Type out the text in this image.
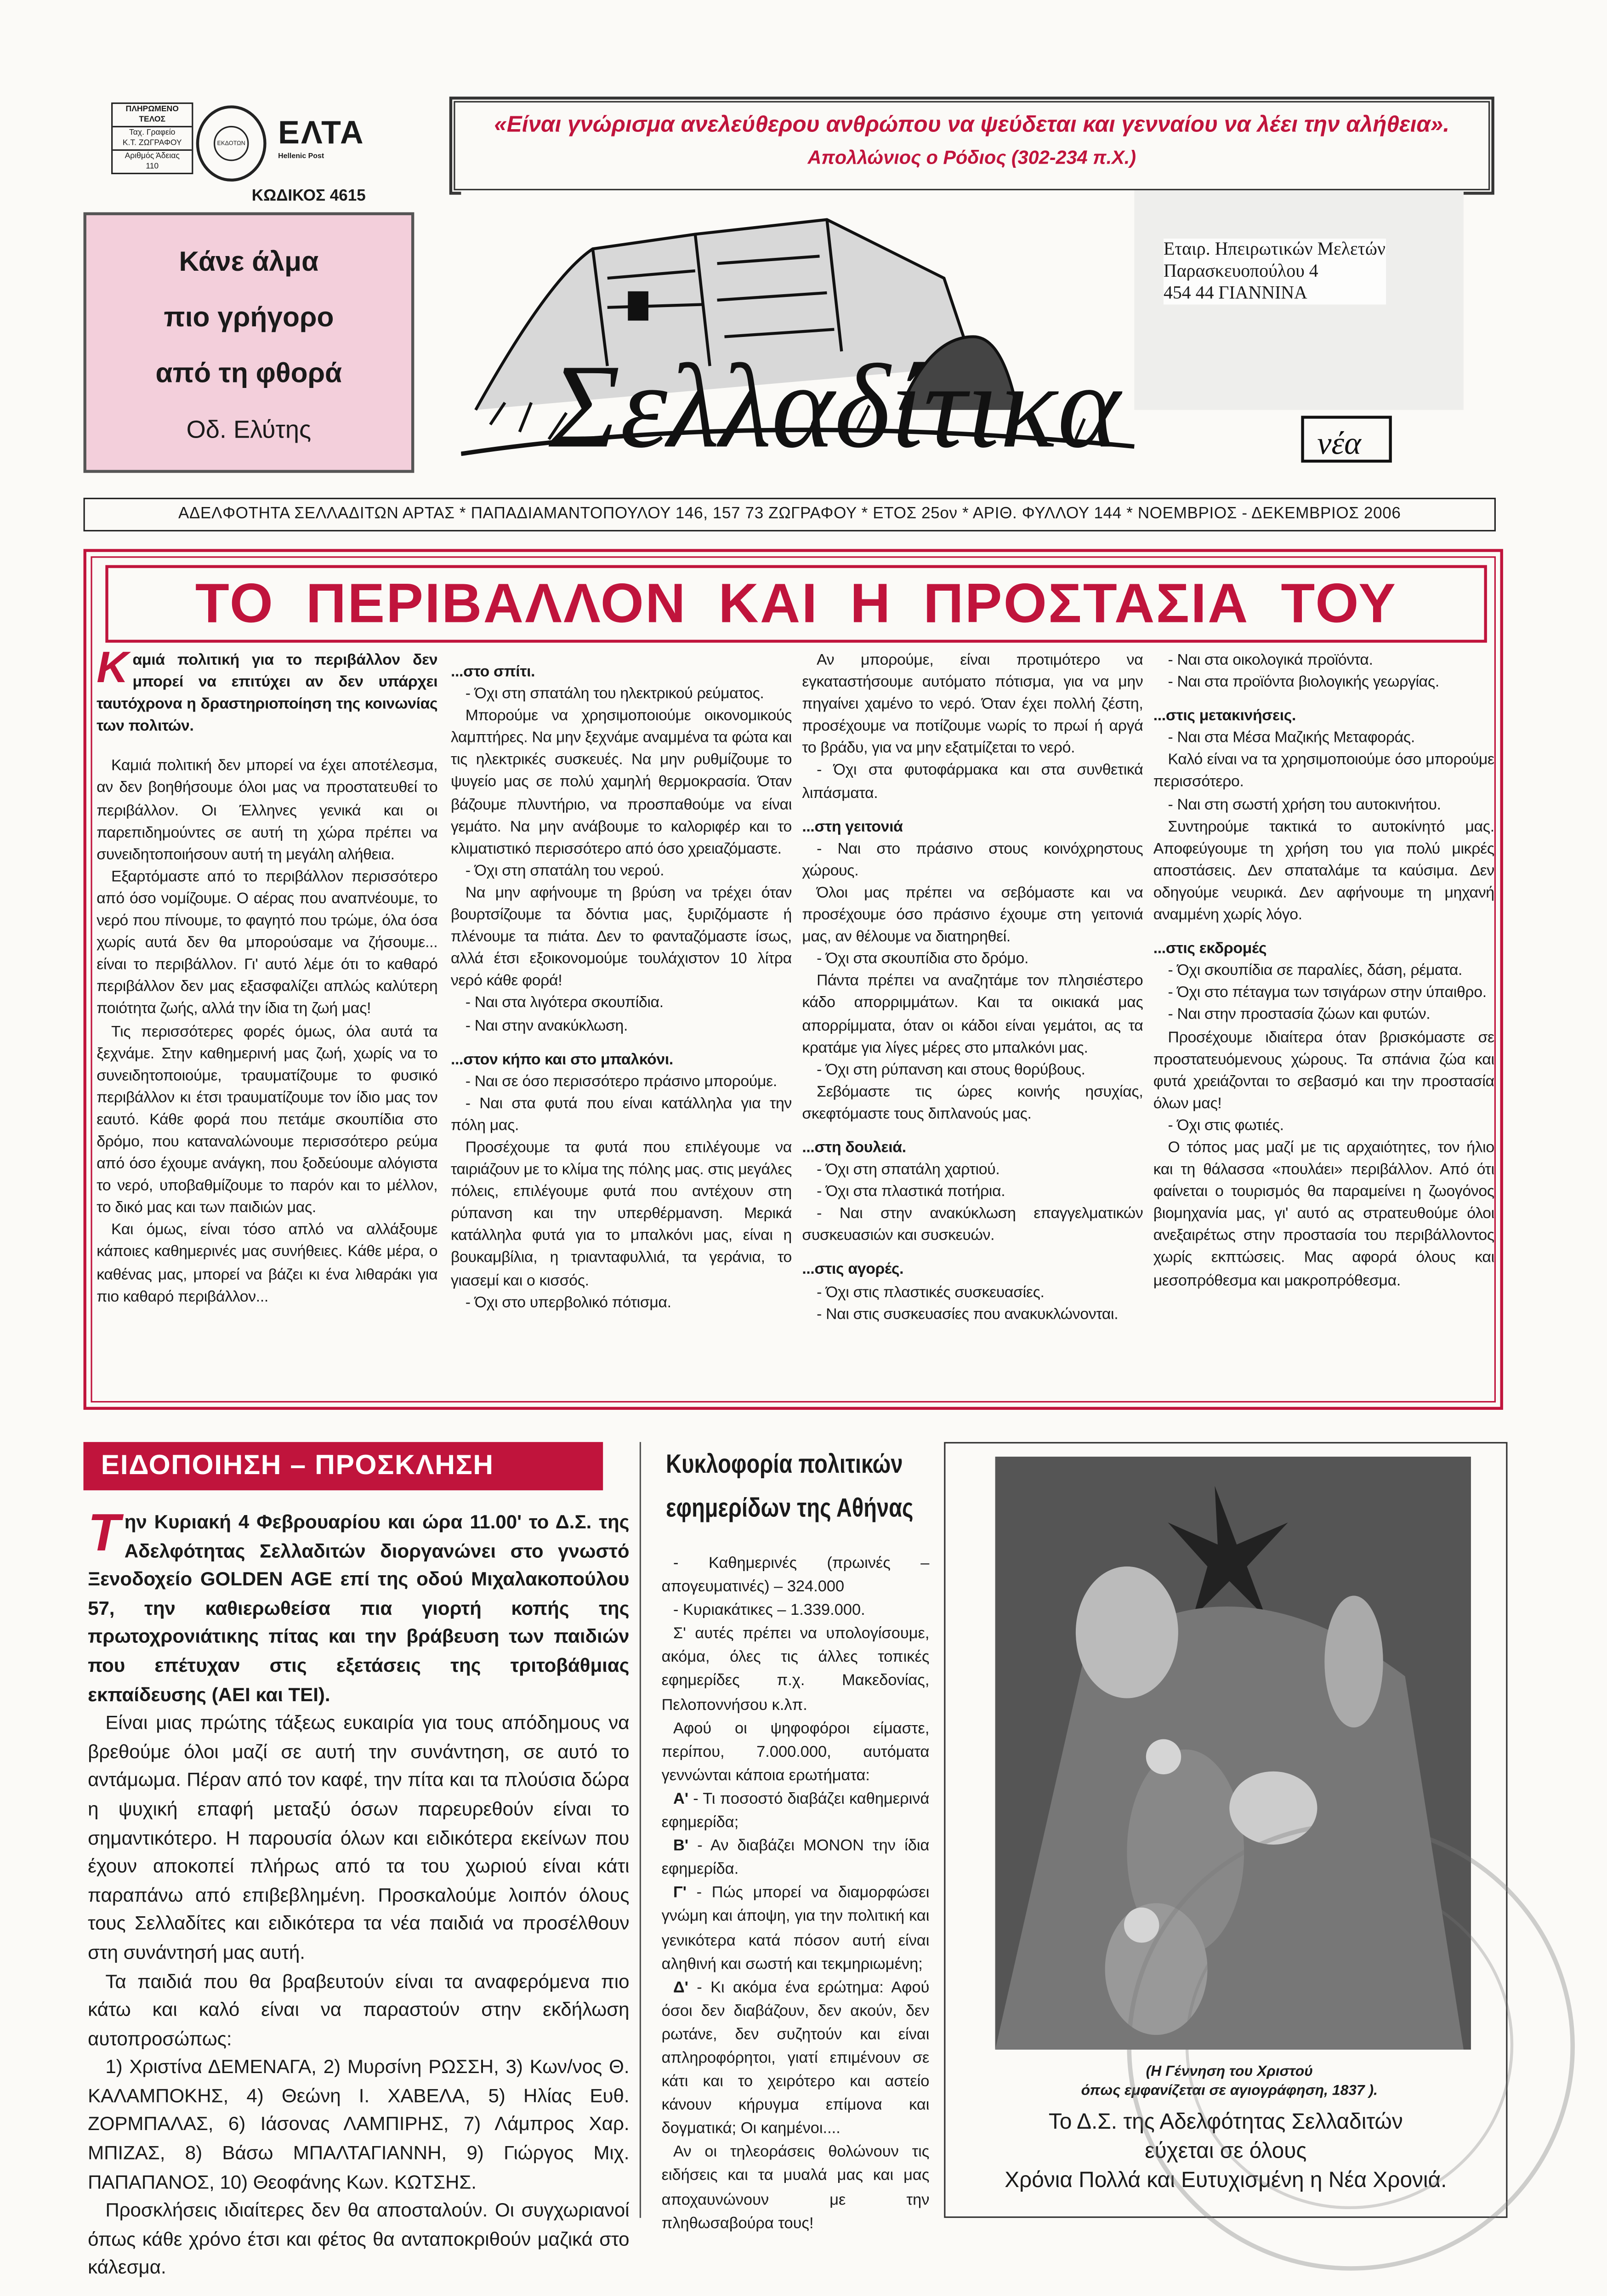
ΠΛΗΡΩΜΕΝΟ
ΤΕΛΟΣ
Ταχ. Γραφείο
Κ.Τ. ΖΩΓΡΑΦΟΥ
Αριθμός Άδειας
110
ΕΚΔΟΤΩΝ	ΕΛΤΑ
Hellenic Post
ΚΩΔΙΚΟΣ 4615
«Είναι γνώρισμα ανελεύθερου ανθρώπου να ψεύδεται και γενναίου να λέει την αλήθεια». Απολλώνιος ο Ρόδιος (302-234 π.Χ.)
Κάνε άλμα
πιο γρήγορο
από τη φθορά
Οδ. Ελύτης	Σελλαδίτικα	νέα
Εταιρ. Ηπειρωτικών Μελετών
Παρασκευοπούλου 4
454 44 ΓΙΑΝΝΙΝΑ
ΑΔΕΛΦΟΤΗΤΑ ΣΕΛΛΑΔΙΤΩΝ ΑΡΤΑΣ * ΠΑΠΑΔΙΑΜΑΝΤΟΠΟΥΛΟΥ 146, 157 73 ΖΩΓΡΑΦΟΥ * ΕΤΟΣ 25ον * ΑΡΙΘ. ΦΥΛΛΟΥ 144 * ΝΟΕΜΒΡΙΟΣ - ΔΕΚΕΜΒΡΙΟΣ 2006
ΤΟ ΠΕΡΙΒΑΛΛΟΝ ΚΑΙ Η ΠΡΟΣΤΑΣΙΑ ΤΟΥ

Καμιά πολιτική για το περιβάλλον δεν μπορεί να επιτύχει αν δεν υπάρχει ταυτόχρονα η δραστηριοποίηση της κοινωνίας των πολιτών.

Καμιά πολιτική δεν μπορεί να έχει αποτέλεσμα, αν δεν βοηθήσουμε όλοι μας να προστατευθεί το περιβάλλον. Οι Έλληνες γενικά και οι παρεπιδημούντες σε αυτή τη χώρα πρέπει να συνειδητοποιήσουν αυτή τη μεγάλη αλήθεια.

Εξαρτόμαστε από το περιβάλλον περισσότερο από όσο νομίζουμε. Ο αέρας που αναπνέουμε, το νερό που πίνουμε, το φαγητό που τρώμε, όλα όσα χωρίς αυτά δεν θα μπορούσαμε να ζήσουμε... είναι το περιβάλλον. Γι' αυτό λέμε ότι το καθαρό περιβάλλον δεν μας εξασφαλίζει απλώς καλύτερη ποιότητα ζωής, αλλά την ίδια τη ζωή μας!

Τις περισσότερες φορές όμως, όλα αυτά τα ξεχνάμε. Στην καθημερινή μας ζωή, χωρίς να το συνειδητοποιούμε, τραυματίζουμε το φυσικό περιβάλλον κι έτσι τραυματίζουμε τον ίδιο μας τον εαυτό. Κάθε φορά που πετάμε σκουπίδια στο δρόμο, που καταναλώνουμε περισσότερο ρεύμα από όσο έχουμε ανάγκη, που ξοδεύουμε αλόγιστα το νερό, υποβαθμίζουμε το παρόν και το μέλλον, το δικό μας και των παιδιών μας.

Και όμως, είναι τόσο απλό να αλλάξουμε κάποιες καθημερινές μας συνήθειες. Κάθε μέρα, ο καθένας μας, μπορεί να βάζει κι ένα λιθαράκι για πιο καθαρό περιβάλλον...

...στο σπίτι.

- Όχι στη σπατάλη του ηλεκτρικού ρεύματος.

Μπορούμε να χρησιμοποιούμε οικονομικούς λαμπτήρες. Να μην ξεχνάμε αναμμένα τα φώτα και τις ηλεκτρικές συσκευές. Να μην ρυθμίζουμε το ψυγείο μας σε πολύ χαμηλή θερμοκρασία. Όταν βάζουμε πλυντήριο, να προσπαθούμε να είναι γεμάτο. Να μην ανάβουμε το καλοριφέρ και το κλιματιστικό περισσότερο από όσο χρειαζόμαστε.

- Όχι στη σπατάλη του νερού.

Να μην αφήνουμε τη βρύση να τρέχει όταν βουρτσίζουμε τα δόντια μας, ξυριζόμαστε ή πλένουμε τα πιάτα. Δεν το φανταζόμαστε ίσως, αλλά έτσι εξοικονομούμε τουλάχιστον 10 λίτρα νερό κάθε φορά!

- Ναι στα λιγότερα σκουπίδια.

- Ναι στην ανακύκλωση.

...στον κήπο και στο μπαλκόνι.

- Ναι σε όσο περισσότερο πράσινο μπορούμε.

- Ναι στα φυτά που είναι κατάλληλα για την πόλη μας.

Προσέχουμε τα φυτά που επιλέγουμε να ταιριάζουν με το κλίμα της πόλης μας. στις μεγάλες πόλεις, επιλέγουμε φυτά που αντέχουν στη ρύπανση και την υπερθέρμανση. Μερικά κατάλληλα φυτά για το μπαλκόνι μας, είναι η βουκαμβίλια, η τριανταφυλλιά, τα γεράνια, το γιασεμί και ο κισσός.

- Όχι στο υπερβολικό πότισμα.

Αν μπορούμε, είναι προτιμότερο να εγκαταστήσουμε αυτόματο πότισμα, για να μην πηγαίνει χαμένο το νερό. Όταν έχει πολλή ζέστη, προσέχουμε να ποτίζουμε νωρίς το πρωί ή αργά το βράδυ, για να μην εξατμίζεται το νερό.

- Όχι στα φυτοφάρμακα και στα συνθετικά λιπάσματα.

...στη γειτονιά

- Ναι στο πράσινο στους κοινόχρηστους χώρους.

Όλοι μας πρέπει να σεβόμαστε και να προσέχουμε όσο πράσινο έχουμε στη γειτονιά μας, αν θέλουμε να διατηρηθεί.

- Όχι στα σκουπίδια στο δρόμο.

Πάντα πρέπει να αναζητάμε τον πλησιέστερο κάδο απορριμμάτων. Και τα οικιακά μας απορρίμματα, όταν οι κάδοι είναι γεμάτοι, ας τα κρατάμε για λίγες μέρες στο μπαλκόνι μας.

- Όχι στη ρύπανση και στους θορύβους.

Σεβόμαστε τις ώρες κοινής ησυχίας, σκεφτόμαστε τους διπλανούς μας.

...στη δουλειά.

- Όχι στη σπατάλη χαρτιού.

- Όχι στα πλαστικά ποτήρια.

- Ναι στην ανακύκλωση επαγγελματικών συσκευασιών και συσκευών.

...στις αγορές.

- Όχι στις πλαστικές συσκευασίες.

- Ναι στις συσκευασίες που ανακυκλώνονται.

- Ναι στα οικολογικά προϊόντα.

- Ναι στα προϊόντα βιολογικής γεωργίας.

...στις μετακινήσεις.

- Ναι στα Μέσα Μαζικής Μεταφοράς.

Καλό είναι να τα χρησιμοποιούμε όσο μπορούμε περισσότερο.

- Ναι στη σωστή χρήση του αυτοκινήτου.

Συντηρούμε τακτικά το αυτοκίνητό μας. Αποφεύγουμε τη χρήση του για πολύ μικρές αποστάσεις. Δεν σπαταλάμε τα καύσιμα. Δεν οδηγούμε νευρικά. Δεν αφήνουμε τη μηχανή αναμμένη χωρίς λόγο.

...στις εκδρομές

- Όχι σκουπίδια σε παραλίες, δάση, ρέματα.

- Όχι στο πέταγμα των τσιγάρων στην ύπαιθρο.

- Ναι στην προστασία ζώων και φυτών.

Προσέχουμε ιδιαίτερα όταν βρισκόμαστε σε προστατευόμενους χώρους. Τα σπάνια ζώα και φυτά χρειάζονται το σεβασμό και την προστασία όλων μας!

- Όχι στις φωτιές.

Ο τόπος μας μαζί με τις αρχαιότητες, τον ήλιο και τη θάλασσα «πουλάει» περιβάλλον. Από ότι φαίνεται ο τουρισμός θα παραμείνει η ζωογόνος βιομηχανία μας, γι' αυτό ας στρατευθούμε όλοι ανεξαιρέτως στην προστασία του περιβάλλοντος χωρίς εκπτώσεις. Μας αφορά όλους και μεσοπρόθεσμα και μακροπρόθεσμα.

ΕΙΔΟΠΟΙΗΣΗ – ΠΡΟΣΚΛΗΣΗ

Την Κυριακή 4 Φεβρουαρίου και ώρα 11.00' το Δ.Σ. της Αδελφότητας Σελλαδιτών διοργανώνει στο γνωστό Ξενοδοχείο GOLDEN AGE επί της οδού Μιχαλακοπούλου 57, την καθιερωθείσα πια γιορτή κοπής της πρωτοχρονιάτικης πίτας και την βράβευση των παιδιών που επέτυχαν στις εξετάσεις της τριτοβάθμιας εκπαίδευσης (ΑΕΙ και ΤΕΙ).

Είναι μιας πρώτης τάξεως ευκαιρία για τους απόδημους να βρεθούμε όλοι μαζί σε αυτή την συνάντηση, σε αυτό το αντάμωμα. Πέραν από τον καφέ, την πίτα και τα πλούσια δώρα η ψυχική επαφή μεταξύ όσων παρευρεθούν είναι το σημαντικότερο. Η παρουσία όλων και ειδικότερα εκείνων που έχουν αποκοπεί πλήρως από τα του χωριού είναι κάτι παραπάνω από επιβεβλημένη. Προσκαλούμε λοιπόν όλους τους Σελλαδίτες και ειδικότερα τα νέα παιδιά να προσέλθουν στη συνάντησή μας αυτή.

Τα παιδιά που θα βραβευτούν είναι τα αναφερόμενα πιο κάτω και καλό είναι να παραστούν στην εκδήλωση αυτοπροσώπως:

1) Χριστίνα ΔΕΜΕΝΑΓΑ, 2) Μυρσίνη ΡΩΣΣΗ, 3) Κων/νος Θ. ΚΑΛΑΜΠΟΚΗΣ, 4) Θεώνη Ι. ΧΑΒΕΛΑ, 5) Ηλίας Ευθ. ΖΟΡΜΠΑΛΑΣ, 6) Ιάσονας ΛΑΜΠΙΡΗΣ, 7) Λάμπρος Χαρ. ΜΠΙΖΑΣ, 8) Βάσω ΜΠΑΛΤΑΓΙΑΝΝΗ, 9) Γιώργος Μιχ. ΠΑΠΑΠΑΝΟΣ, 10) Θεοφάνης Κων. ΚΩΤΣΗΣ.

Προσκλήσεις ιδιαίτερες δεν θα αποσταλούν. Οι συγχωριανοί όπως κάθε χρόνο έτσι και φέτος θα ανταποκριθούν μαζικά στο κάλεσμα.

Κυκλοφορία πολιτικών
εφημερίδων της Αθήνας

- Καθημερινές (πρωινές – απογευματινές) – 324.000

- Κυριακάτικες – 1.339.000.

Σ' αυτές πρέπει να υπολογίσουμε, ακόμα, όλες τις άλλες τοπικές εφημερίδες π.χ. Μακεδονίας, Πελοποννήσου κ.λπ.

Αφού οι ψηφοφόροι είμαστε, περίπου, 7.000.000, αυτόματα γεννώνται κάποια ερωτήματα:

Α' - Τι ποσοστό διαβάζει καθημερινά εφημερίδα;

Β' - Αν διαβάζει ΜΟΝΟΝ την ίδια εφημερίδα.

Γ' - Πώς μπορεί να διαμορφώσει γνώμη και άποψη, για την πολιτική και γενικότερα κατά πόσον αυτή είναι αληθινή και σωστή και τεκμηριωμένη;

Δ' - Κι ακόμα ένα ερώτημα: Αφού όσοι δεν διαβάζουν, δεν ακούν, δεν ρωτάνε, δεν συζητούν και είναι απληροφόρητοι, γιατί επιμένουν σε κάτι και το χειρότερο και αστείο κάνουν κήρυγμα επίμονα και δογματικά; Οι καημένοι....

Αν οι τηλεοράσεις θολώνουν τις ειδήσεις και τα μυαλά μας και μας αποχαυνώνουν με την πληθωσαβούρα τους!

(Η Γέννηση του Χριστού
όπως εμφανίζεται σε αγιογράφηση, 1837 ).
Το Δ.Σ. της Αδελφότητας Σελλαδιτών
εύχεται σε όλους
Χρόνια Πολλά και Ευτυχισμένη η Νέα Χρονιά.
